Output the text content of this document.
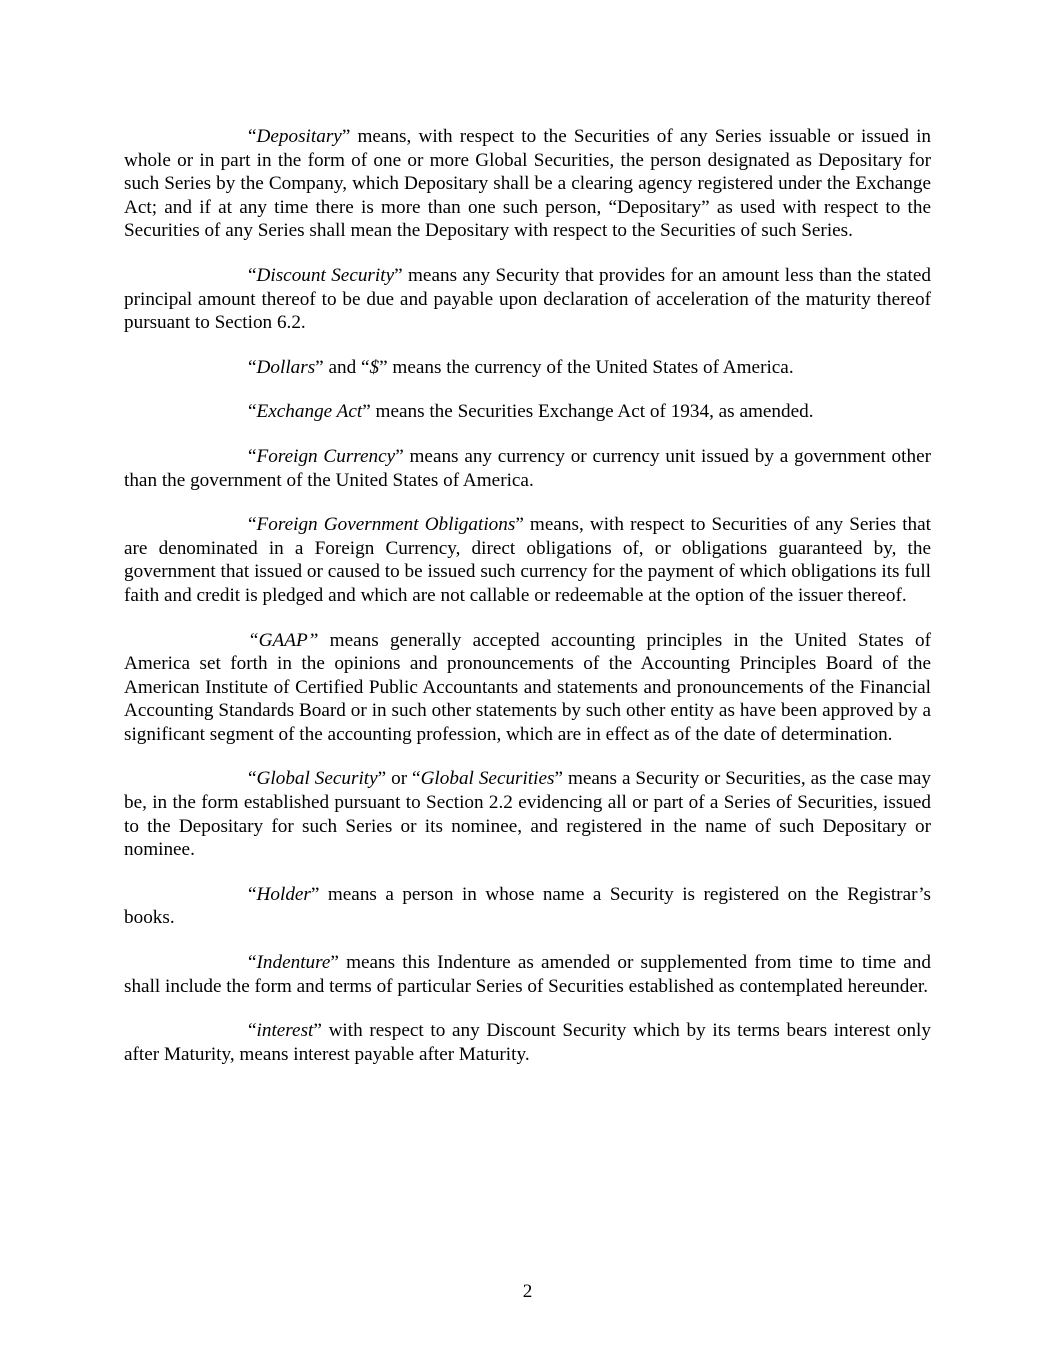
“Depositary” means, with respect to the Securities of any Series issuable or issued in whole or in part in the form of one or more Global Securities, the person designated as Depositary for such Series by the Company, which Depositary shall be a clearing agency registered under the Exchange Act; and if at any time there is more than one such person, “Depositary” as used with respect to the Securities of any Series shall mean the Depositary with respect to the Securities of such Series.

“Discount Security” means any Security that provides for an amount less than the stated principal amount thereof to be due and payable upon declaration of acceleration of the maturity thereof pursuant to Section 6.2.

“Dollars” and “$” means the currency of the United States of America.

“Exchange Act” means the Securities Exchange Act of 1934, as amended.

“Foreign Currency” means any currency or currency unit issued by a government other than the government of the United States of America.

“Foreign Government Obligations” means, with respect to Securities of any Series that are denominated in a Foreign Currency, direct obligations of, or obligations guaranteed by, the government that issued or caused to be issued such currency for the payment of which obligations its full faith and credit is pledged and which are not callable or redeemable at the option of the issuer thereof.

“GAAP” means generally accepted accounting principles in the United States of America set forth in the opinions and pronouncements of the Accounting Principles Board of the American Institute of Certified Public Accountants and statements and pronouncements of the Financial Accounting Standards Board or in such other statements by such other entity as have been approved by a significant segment of the accounting profession, which are in effect as of the date of determination.

“Global Security” or “Global Securities” means a Security or Securities, as the case may be, in the form established pursuant to Section 2.2 evidencing all or part of a Series of Securities, issued to the Depositary for such Series or its nominee, and registered in the name of such Depositary or nominee.

“Holder” means a person in whose name a Security is registered on the Registrar’s books.

“Indenture” means this Indenture as amended or supplemented from time to time and shall include the form and terms of particular Series of Securities established as contemplated hereunder.

“interest” with respect to any Discount Security which by its terms bears interest only after Maturity, means interest payable after Maturity.

2
